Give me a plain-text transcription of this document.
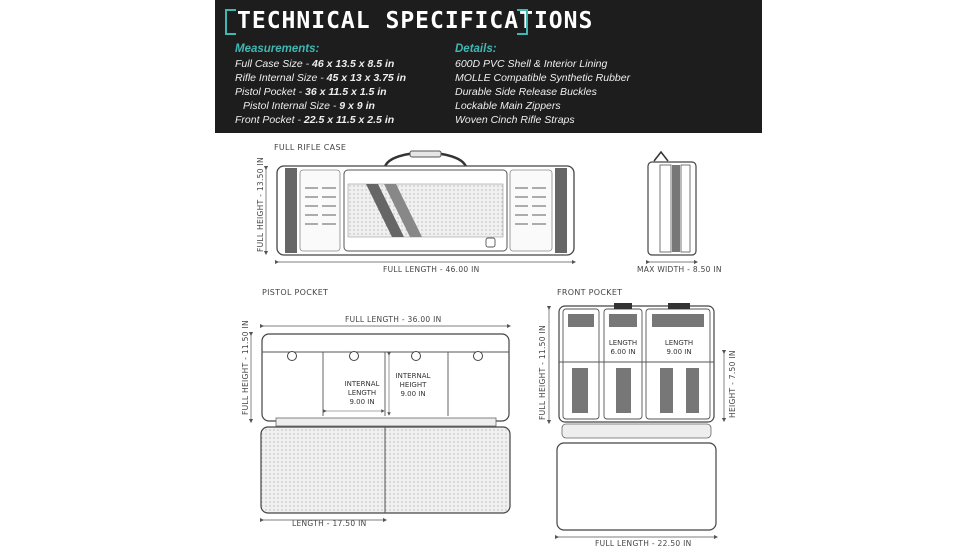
TECHNICAL SPECIFICATIONS
Measurements:
Full Case Size - 46 x 13.5 x 8.5 in
Rifle Internal Size - 45 x 13 x 3.75 in
Pistol Pocket - 36 x 11.5 x 1.5 in
Pistol Internal Size - 9 x 9 in
Front Pocket - 22.5 x 11.5 x 2.5 in
Details:
600D PVC Shell & Interior Lining
MOLLE Compatible Synthetic Rubber
Durable Side Release Buckles
Lockable Main Zippers
Woven Cinch Rifle Straps
FULL RIFLE CASE
FULL HEIGHT - 13.50 IN
FULL LENGTH - 46.00 IN	MAX WIDTH - 8.50 IN
PISTOL POCKET
FULL LENGTH - 36.00 IN
FULL HEIGHT - 11.50 IN	INTERNAL
LENGTH
9.00 IN
INTERNAL
HEIGHT
9.00 IN
LENGTH - 17.50 IN
FRONT POCKET
FULL HEIGHT - 11.50 IN	HEIGHT - 7.50 IN
LENGTH
6.00 IN
LENGTH
9.00 IN
FULL LENGTH - 22.50 IN
